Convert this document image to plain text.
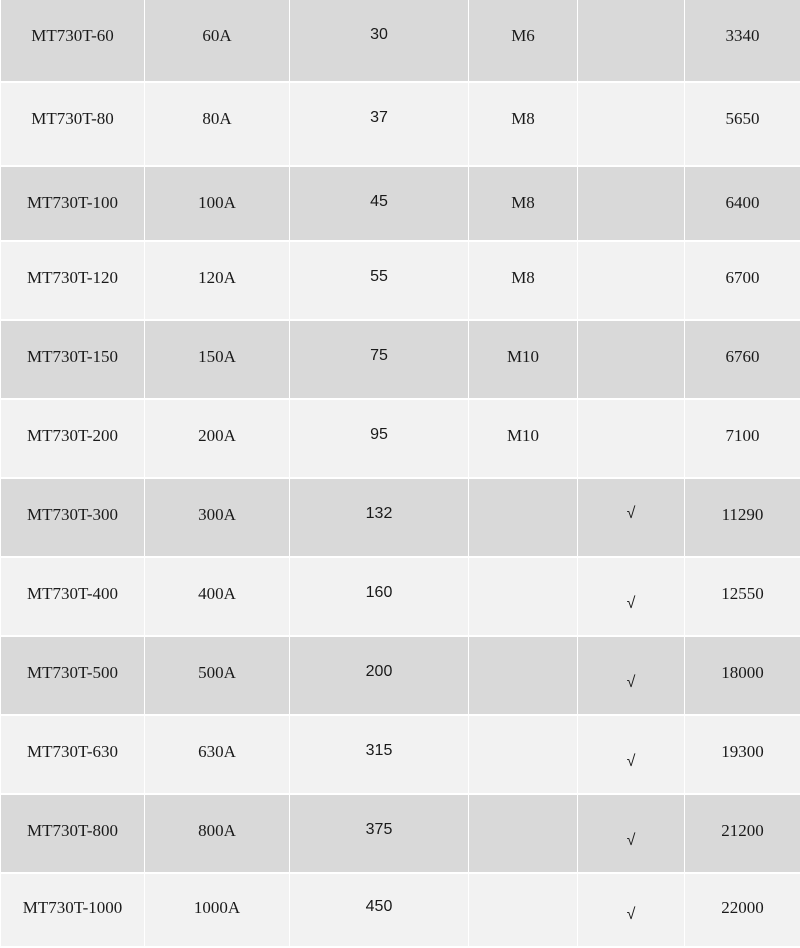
MT730T-60	60A	30	M6		3340
MT730T-80	80A	37	M8		5650
MT730T-100	100A	45	M8		6400
MT730T-120	120A	55	M8		6700
MT730T-150	150A	75	M10		6760
MT730T-200	200A	95	M10		7100
MT730T-300	300A	132		√	11290
MT730T-400	400A	160		√	12550
MT730T-500	500A	200		√	18000
MT730T-630	630A	315		√	19300
MT730T-800	800A	375		√	21200
MT730T-1000	1000A	450		√	22000
